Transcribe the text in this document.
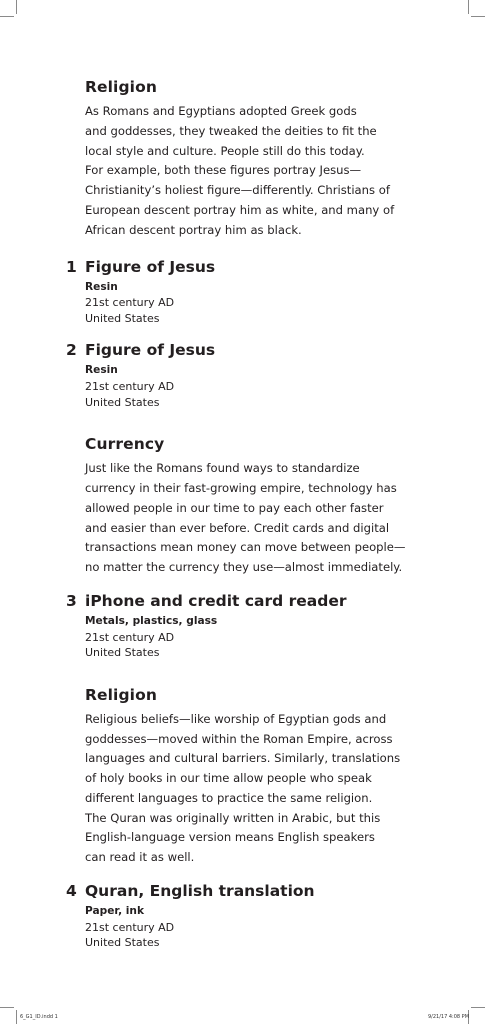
Religion

As Romans and Egyptians adopted Greek gods
and goddesses, they tweaked the deities to fit the
local style and culture. People still do this today.
For example, both these figures portray Jesus—
Christianity’s holiest figure—differently. Christians of
European descent portray him as white, and many of
African descent portray him as black.

1 Figure of Jesus
Resin
21st century AD
United States
2 Figure of Jesus
Resin
21st century AD
United States
Currency

Just like the Romans found ways to standardize
currency in their fast-growing empire, technology has
allowed people in our time to pay each other faster
and easier than ever before. Credit cards and digital
transactions mean money can move between people—
no matter the currency they use—almost immediately.

3 iPhone and credit card reader
Metals, plastics, glass
21st century AD
United States
Religion

Religious beliefs—like worship of Egyptian gods and
goddesses—moved within the Roman Empire, across
languages and cultural barriers. Similarly, translations
of holy books in our time allow people who speak
different languages to practice the same religion.
The Quran was originally written in Arabic, but this
English-language version means English speakers
can read it as well.

4 Quran, English translation
Paper, ink
21st century AD
United States
6_G1_ID.indd 1	9/21/17 4:08 PM
